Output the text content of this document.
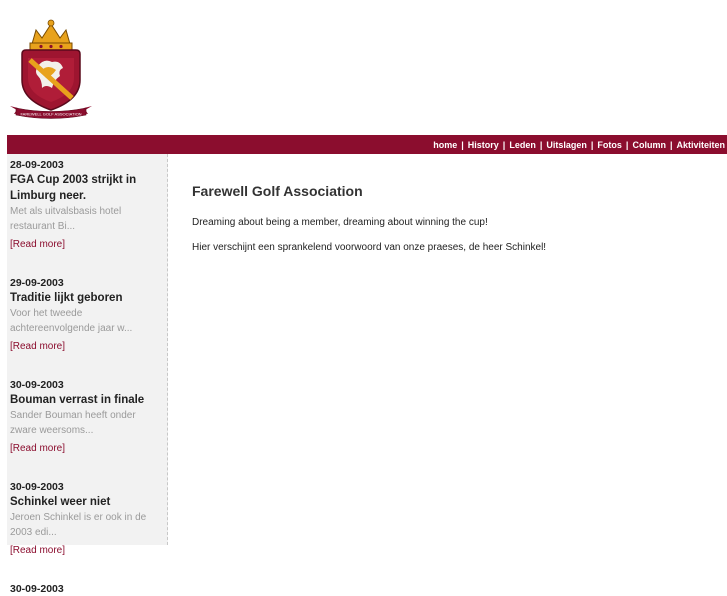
FAREWELL GOLF ASSOCIATION
home | History | Leden | Uitslagen | Fotos | Column | Aktiviteiten
28-09-2003
FGA Cup 2003 strijkt in Limburg neer.
Met als uitvalsbasis hotel restaurant Bi...
[Read more]
29-09-2003
Traditie lijkt geboren
Voor het tweede achtereenvolgende jaar w...
[Read more]
30-09-2003
Bouman verrast in finale
Sander Bouman heeft onder zware weersoms...
[Read more]
30-09-2003
Schinkel weer niet
Jeroen Schinkel is er ook in de 2003 edi...
[Read more]
30-09-2003
Farewell Golf Association

Dreaming about being a member, dreaming about winning the cup!

Hier verschijnt een sprankelend voorwoord van onze praeses, de heer Schinkel!
